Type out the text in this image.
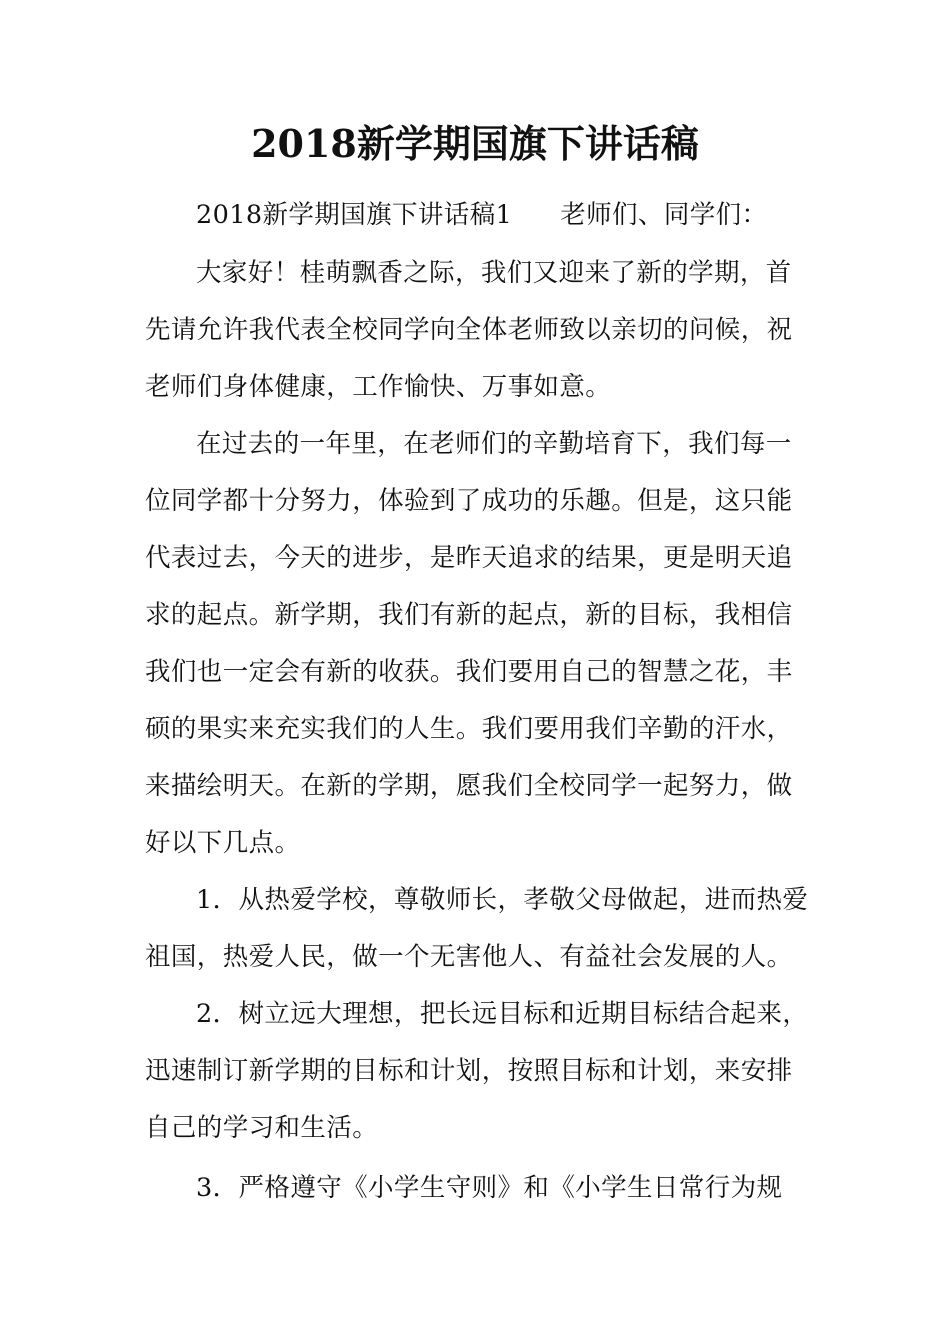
2018新学期国旗下讲话稿
2018新学期国旗下讲话稿1 老师们、同学们：
大家好！桂萌飘香之际，我们又迎来了新的学期，首
先请允许我代表全校同学向全体老师致以亲切的问候，祝
老师们身体健康，工作愉快、万事如意。
在过去的一年里，在老师们的辛勤培育下，我们每一
位同学都十分努力，体验到了成功的乐趣。但是，这只能
代表过去，今天的进步，是昨天追求的结果，更是明天追
求的起点。新学期，我们有新的起点，新的目标，我相信
我们也一定会有新的收获。我们要用自己的智慧之花，丰
硕的果实来充实我们的人生。我们要用我们辛勤的汗水，
来描绘明天。在新的学期，愿我们全校同学一起努力，做
好以下几点。
1．从热爱学校，尊敬师长，孝敬父母做起，进而热爱
祖国，热爱人民，做一个无害他人、有益社会发展的人。
2．树立远大理想，把长远目标和近期目标结合起来，
迅速制订新学期的目标和计划，按照目标和计划，来安排
自己的学习和生活。
3．严格遵守《小学生守则》和《小学生日常行为规
